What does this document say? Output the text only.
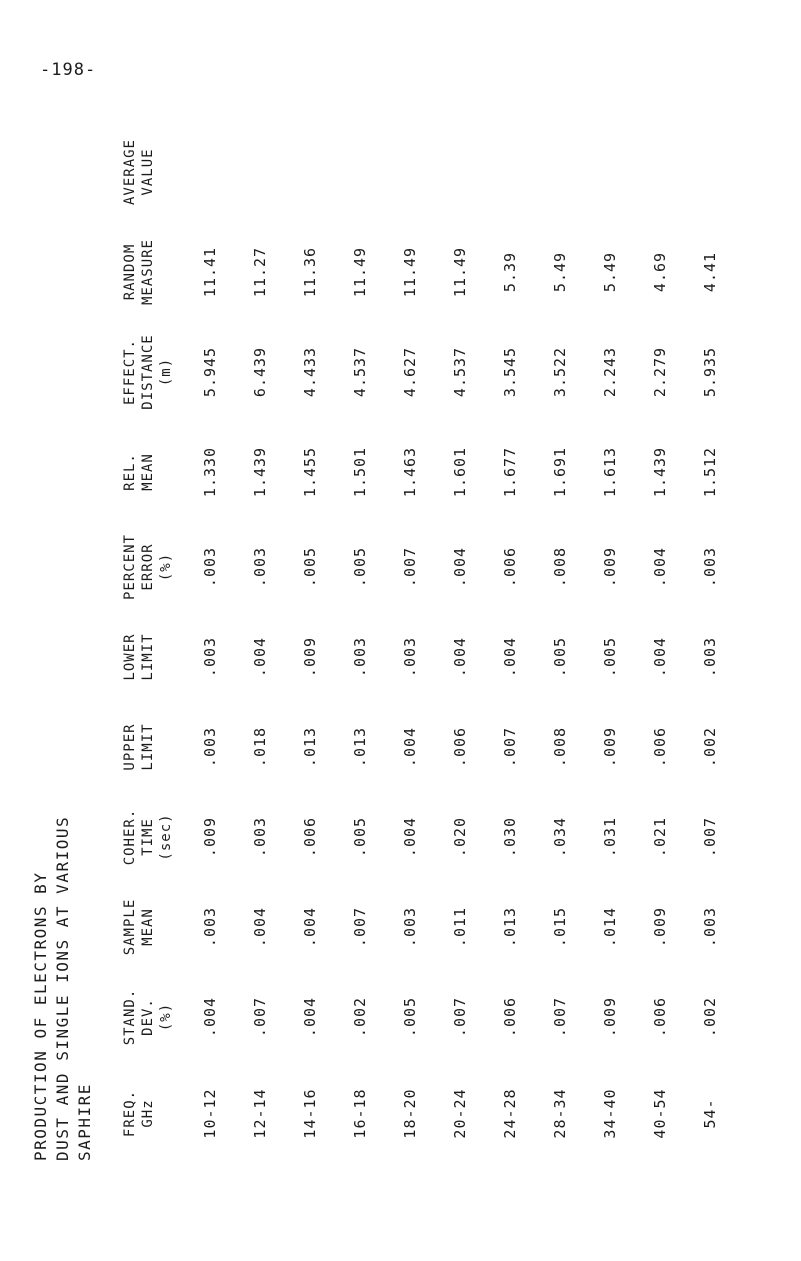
-198-
PRODUCTION OF ELECTRONS BY DUST AND SINGLE IONS AT VARIOUS SAPHIRE FREQ. GHz
STAND. DEV. (%)
SAMPLE MEAN
COHER. TIME (sec)
UPPER LIMIT
LOWER LIMIT
PERCENT ERROR (%)
REL. MEAN
EFFECT. DISTANCE (m)
RANDOM MEASURE
AVERAGE VALUE
10-12
.004
.003
.009
.003
.003
.003
1.330
5.945
11.41
12-14
.007
.004
.003
.018
.004
.003
1.439
6.439
11.27
14-16
.004
.004
.006
.013
.009
.005
1.455
4.433
11.36
16-18
.002
.007
.005
.013
.003
.005
1.501
4.537
11.49
18-20
.005
.003
.004
.004
.003
.007
1.463
4.627
11.49
20-24
.007
.011
.020
.006
.004
.004
1.601
4.537
11.49
24-28
.006
.013
.030
.007
.004
.006
1.677
3.545
5.39
28-34
.007
.015
.034
.008
.005
.008
1.691
3.522
5.49
34-40
.009
.014
.031
.009
.005
.009
1.613
2.243
5.49
40-54
.006
.009
.021
.006
.004
.004
1.439
2.279
4.69
54-
.002
.003
.007
.002
.003
.003
1.512
5.935
4.41
